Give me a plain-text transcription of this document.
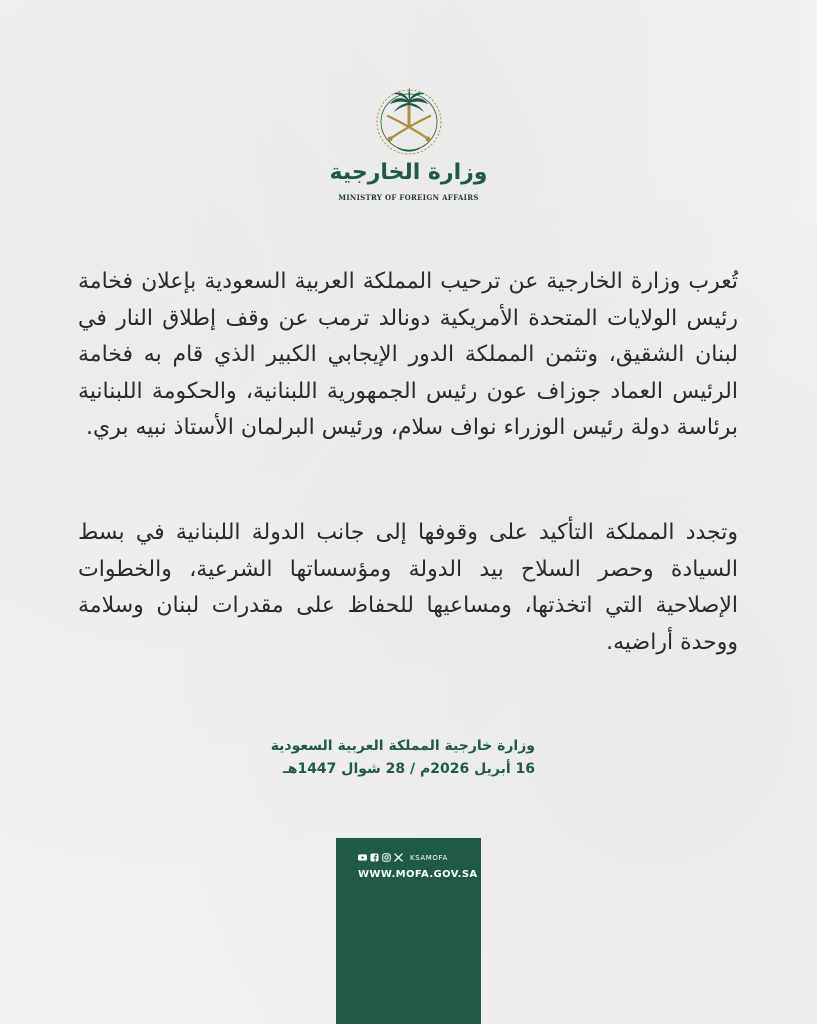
وزارة الخارجية
MINISTRY OF FOREIGN AFFAIRS

تُعرب وزارة الخارجية عن ترحيب المملكة العربية السعودية بإعلان فخامة رئيس الولايات المتحدة الأمريكية دونالد ترمب عن وقف إطلاق النار في لبنان الشقيق، وتثمن المملكة الدور الإيجابي الكبير الذي قام به فخامة الرئيس العماد جوزاف عون رئيس الجمهورية اللبنانية، والحكومة اللبنانية برئاسة دولة رئيس الوزراء نواف سلام، ورئيس البرلمان الأستاذ نبيه بري.

وتجدد المملكة التأكيد على وقوفها إلى جانب الدولة اللبنانية في بسط السيادة وحصر السلاح بيد الدولة ومؤسساتها الشرعية، والخطوات الإصلاحية التي اتخذتها، ومساعيها للحفاظ على مقدرات لبنان وسلامة ووحدة أراضيه.

وزارة خارجية المملكة العربية السعودية
16 أبريل 2026م / 28 شوال 1447هـ
KSAMOFA
WWW.MOFA.GOV.SA
